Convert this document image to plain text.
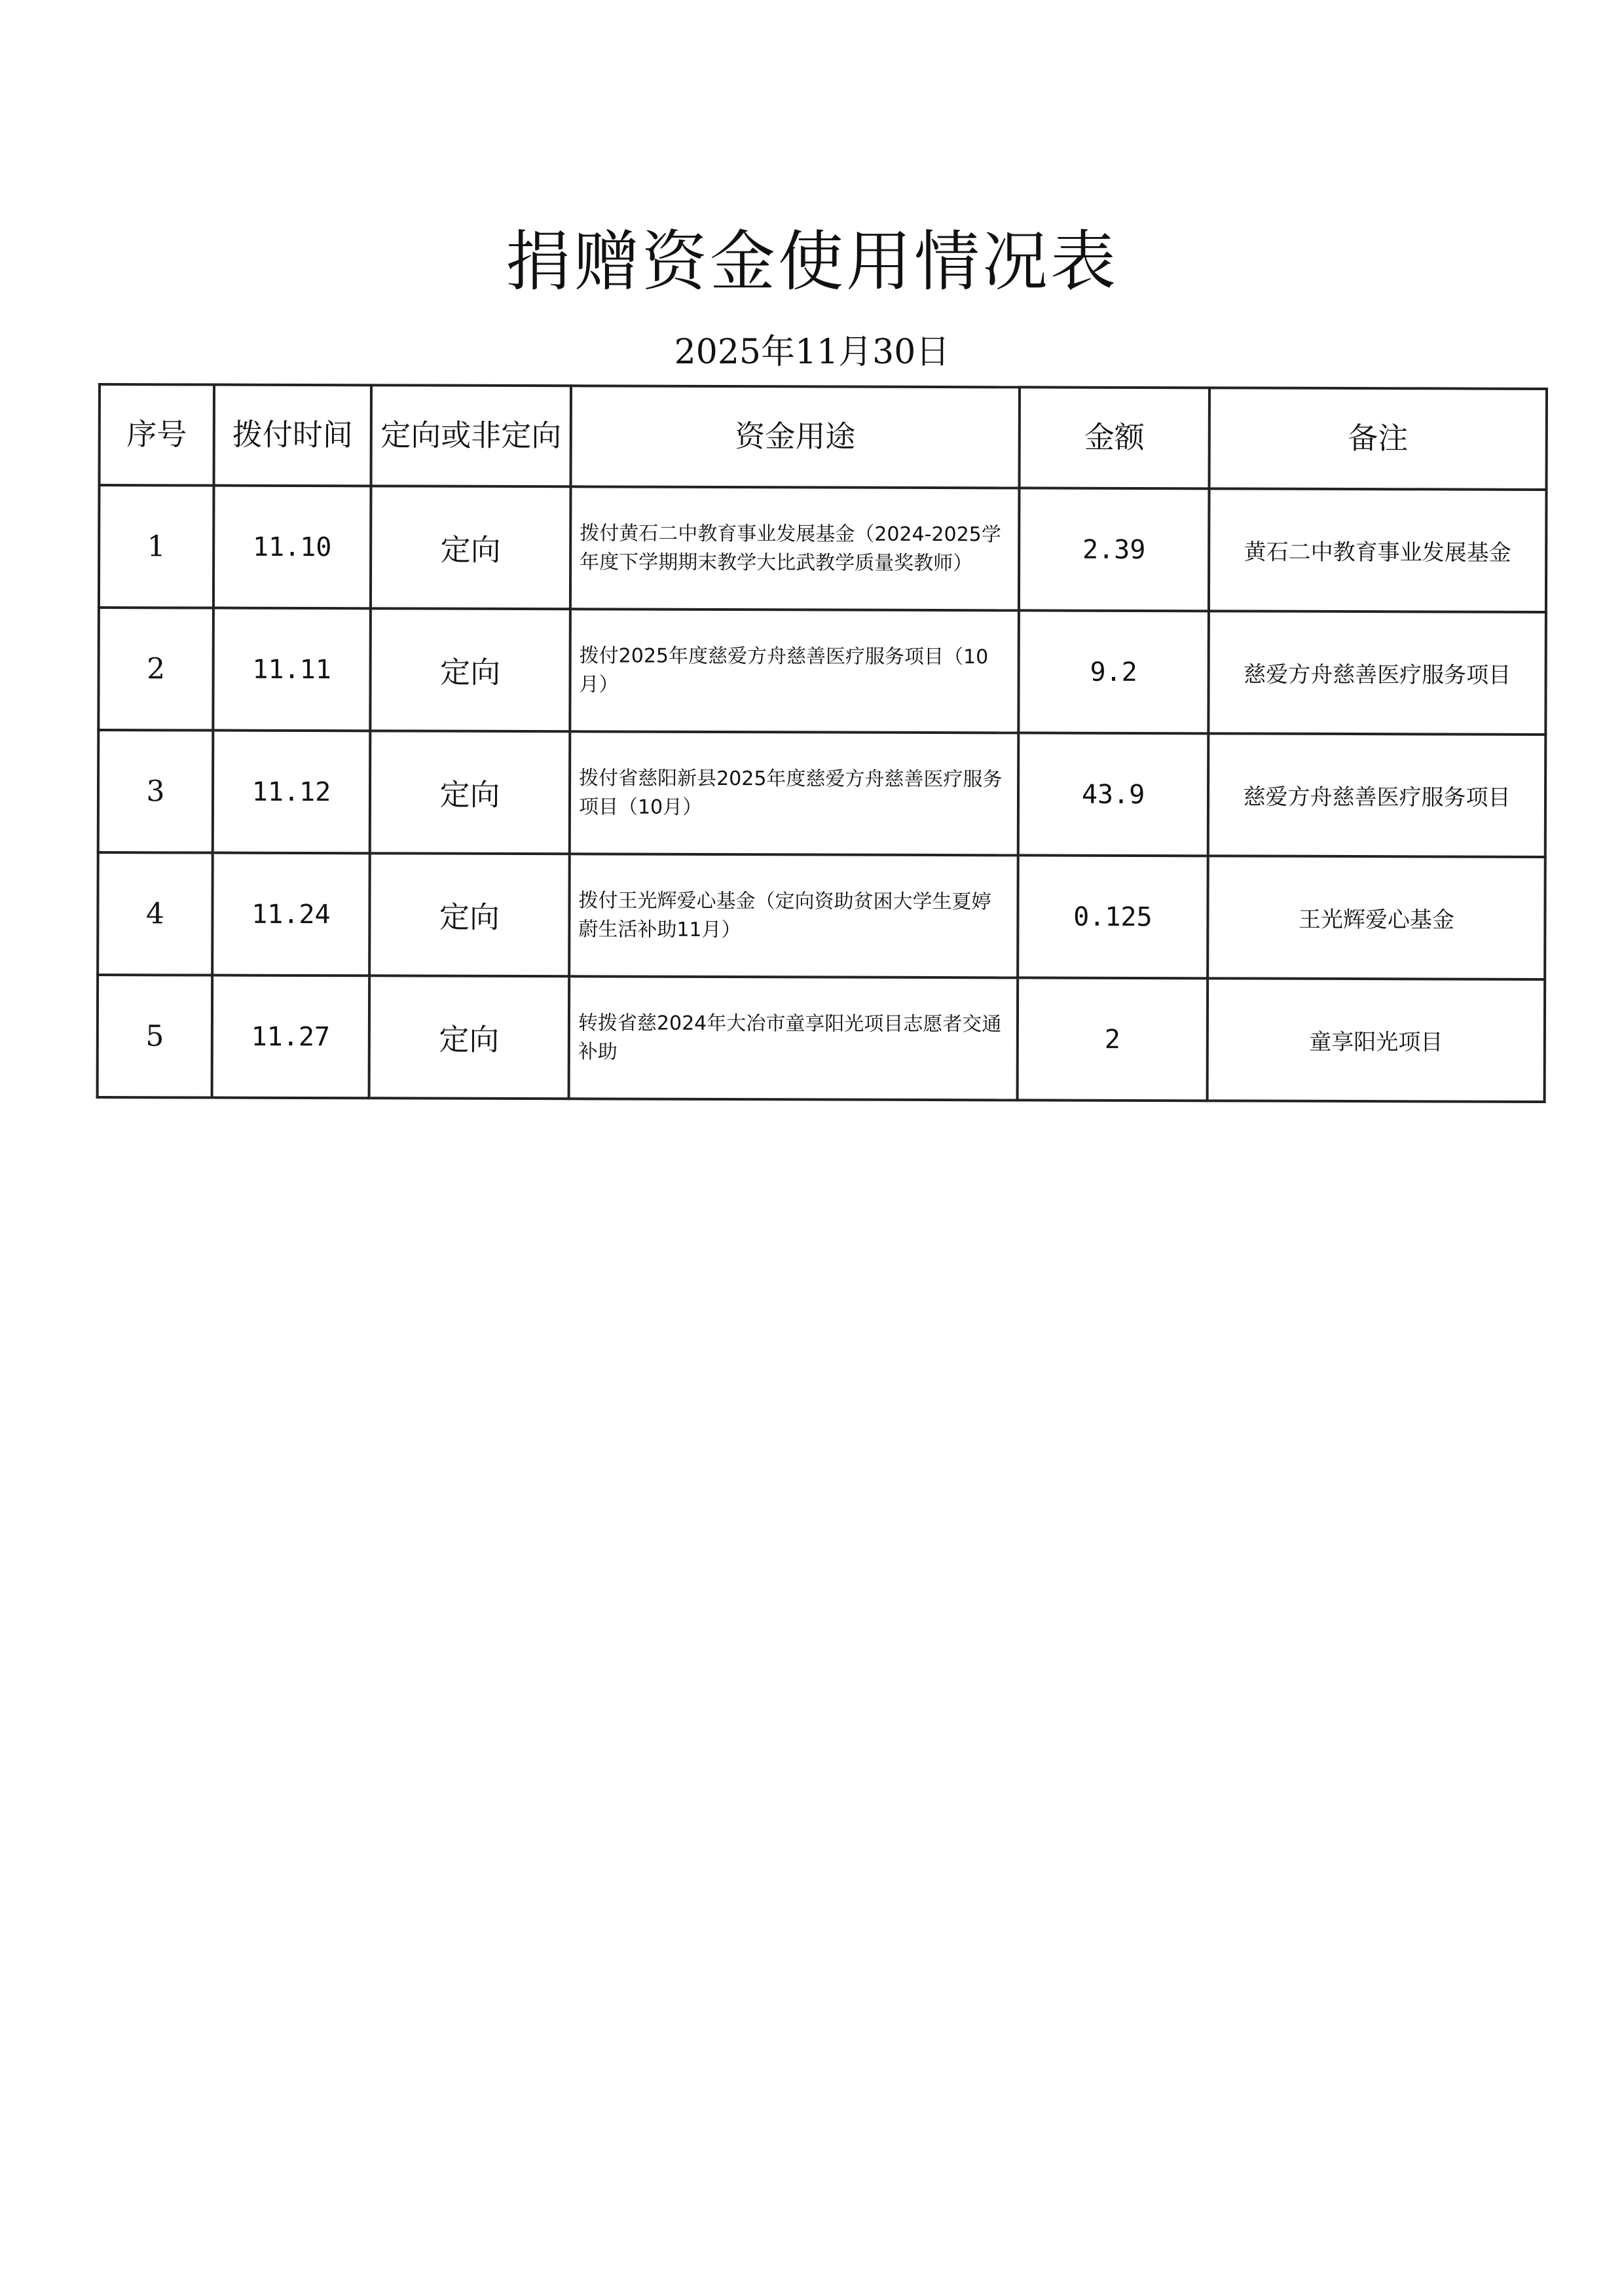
捐赠资金使用情况表
2025年11月30日
序号	拨付时间	定向或非定向	资金用途	金额	备注
1	11.10	定向	拨付黄石二中教育事业发展基金（2024-2025学年度下学期期末教学大比武教学质量奖教师）	2.39	黄石二中教育事业发展基金
2	11.11	定向	拨付2025年度慈爱方舟慈善医疗服务项目（10月）	9.2	慈爱方舟慈善医疗服务项目
3	11.12	定向	拨付省慈阳新县2025年度慈爱方舟慈善医疗服务项目（10月）	43.9	慈爱方舟慈善医疗服务项目
4	11.24	定向	拨付王光辉爱心基金（定向资助贫困大学生夏婷蔚生活补助11月）	0.125	王光辉爱心基金
5	11.27	定向	转拨省慈2024年大冶市童享阳光项目志愿者交通补助	2	童享阳光项目
